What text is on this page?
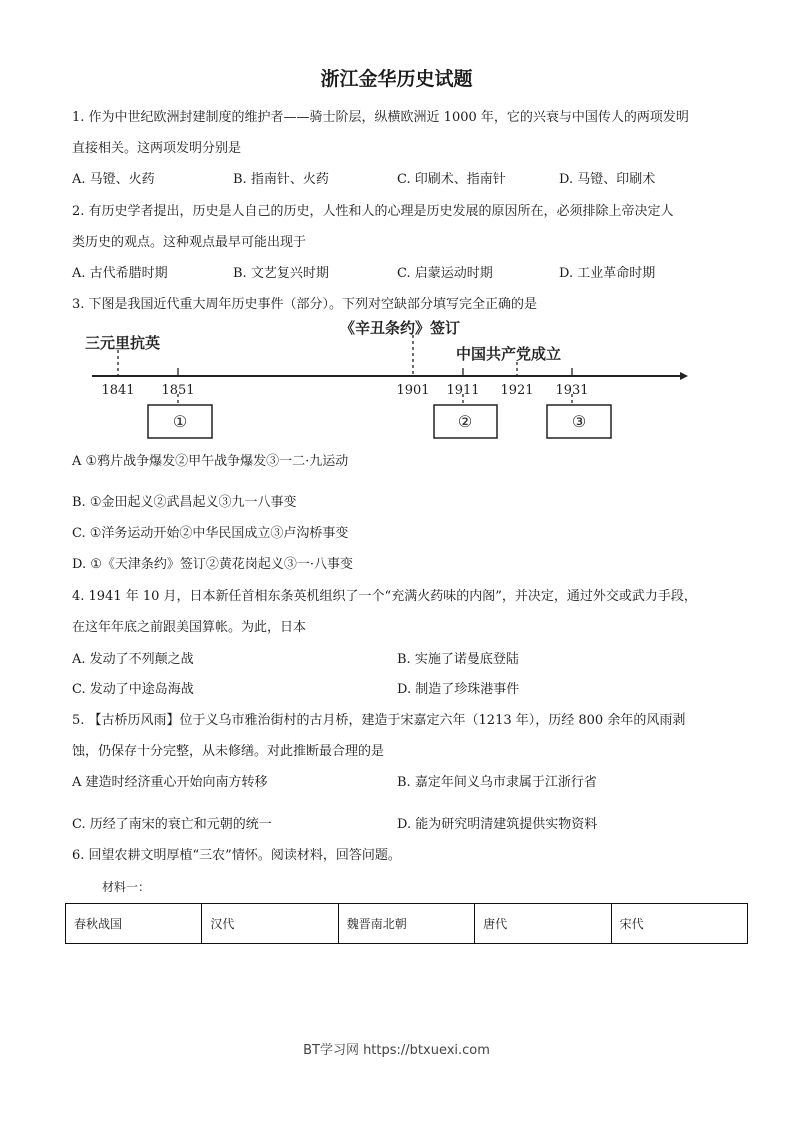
浙江金华历史试题
1. 作为中世纪欧洲封建制度的维护者——骑士阶层，纵横欧洲近 1000 年，它的兴衰与中国传人的两项发明
直接相关。这两项发明分别是
A. 马镫、火药	B. 指南针、火药	C. 印刷术、指南针	D. 马镫、印刷术
2. 有历史学者提出，历史是人自己的历史，人性和人的心理是历史发展的原因所在，必须排除上帝决定人
类历史的观点。这种观点最早可能出现于
A. 古代希腊时期	B. 文艺复兴时期	C. 启蒙运动时期	D. 工业革命时期
3. 下图是我国近代重大周年历史事件（部分）。下列对空缺部分填写完全正确的是
1841 1851	1901 1911 1921 1931
①	②	③
三元里抗英
《辛丑条约》签订
中国共产党成立
A ①鸦片战争爆发②甲午战争爆发③一二·九运动
B. ①金田起义②武昌起义③九一八事变
C. ①洋务运动开始②中华民国成立③卢沟桥事变
D. ①《天津条约》签订②黄花岗起义③一·八事变
4. 1941 年 10 月，日本新任首相东条英机组织了一个“充满火药味的内阁”，并决定，通过外交或武力手段，
在这年年底之前跟美国算帐。为此，日本
A. 发动了不列颠之战	B. 实施了诺曼底登陆
C. 发动了中途岛海战	D. 制造了珍珠港事件
5. 【古桥历风雨】位于义乌市雅治街村的古月桥，建造于宋嘉定六年（1213 年），历经 800 余年的风雨剥
蚀，仍保存十分完整，从未修缮。对此推断最合理的是
A 建造时经济重心开始向南方转移	B. 嘉定年间义乌市隶属于江浙行省
C. 历经了南宋的衰亡和元朝的统一	D. 能为研究明清建筑提供实物资料
6. 回望农耕文明厚植“三农”情怀。阅读材料，回答问题。
材料一：
春秋战国	汉代	魏晋南北朝	唐代	宋代
BT学习网 https://btxuexi.com
